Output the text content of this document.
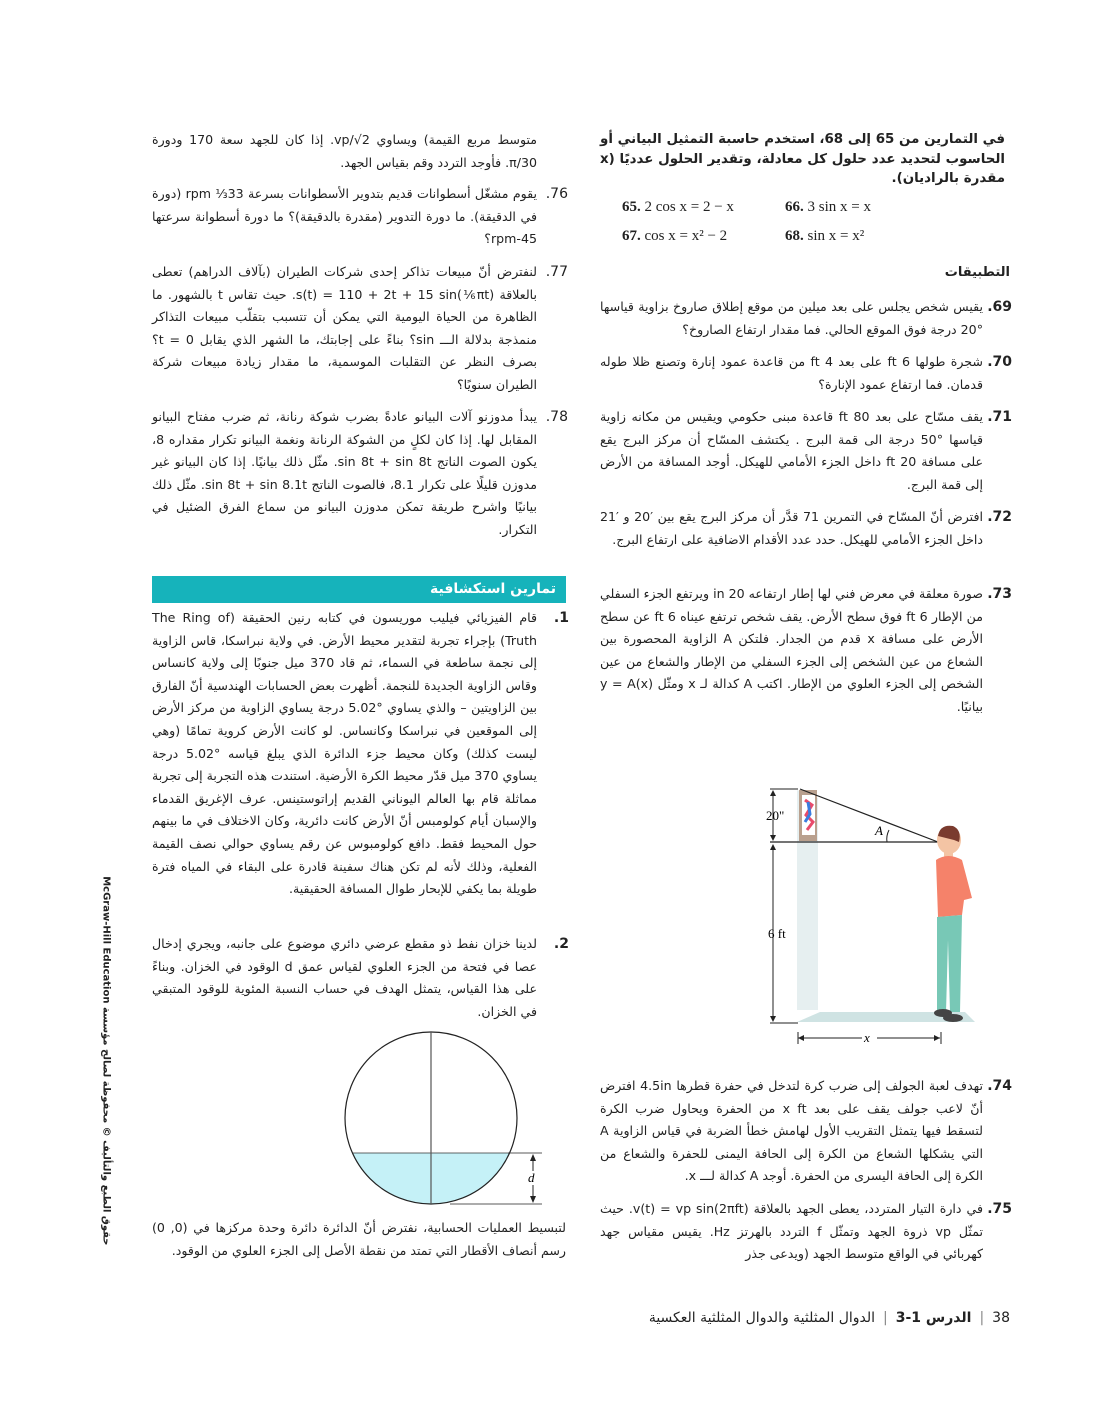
في التمارين من 65 إلى 68، استخدم حاسبة التمثيل البياني أو الحاسوب لتحديد عدد حلول كل معادلة، وتقدير الحلول عدديًا (x مقدرة بالراديان).
65. 2 cos x = 2 − x	66. 3 sin x = x
67. cos x = x² − 2	68. sin x = x²
التطبيقات
69.
يقيس شخص يجلس على بعد ميلين من موقع إطلاق صاروخ بزاوية قياسها °20 درجة فوق الموقع الحالي. فما مقدار ارتفاع الصاروخ؟
70.
شجرة طولها 6 ft على بعد 4 ft من قاعدة عمود إنارة وتصنع ظلا طوله قدمان. فما ارتفاع عمود الإنارة؟
71.
يقف مسّاح على بعد 80 ft قاعدة مبنى حكومي ويقيس من مكانه زاوية قياسها °50 درجة الى قمة البرج . يكتشف المسّاح أن مركز البرج يقع على مسافة 20 ft داخل الجزء الأمامي للهيكل. أوجد المسافة من الأرض إلى قمة البرج.
72.
افترض أنّ المسّاح في التمرين 71 قدَّر أن مركز البرج يقع بين ′20 و ′21 داخل الجزء الأمامي للهيكل. حدد عدد الأقدام الاضافية على ارتفاع البرج.
73.
صورة معلقة في معرض فني لها إطار ارتفاعه 20 in ويرتفع الجزء السفلي من الإطار 6 ft فوق سطح الأرض. يقف شخص ترتفع عيناه 6 ft عن سطح الأرض على مسافة x قدم من الجدار. فلتكن A الزاوية المحصورة بين الشعاع من عين الشخص إلى الجزء السفلي من الإطار والشعاع من عين الشخص إلى الجزء العلوي من الإطار. اكتب A كدالة لـ x ومثّل y = A(x) بيانيًا.
20"
6 ft
A
x
74.
تهدف لعبة الجولف إلى ضرب كرة لتدخل في حفرة قطرها 4.5in افترض أنّ لاعب جولف يقف على بعد x ft من الحفرة ويحاول ضرب الكرة لتسقط فيها يتمثل التقريب الأول لهامش خطأ الضربة في قياس الزاوية A التي يشكلها الشعاع من الكرة إلى الحافة اليمنى للحفرة والشعاع من الكرة إلى الحافة اليسرى من الحفرة. أوجد A كدالة لـــ x.
75.
في دارة التيار المتردد، يعطى الجهد بالعلاقة v(t) = vp sin(2πft). حيث تمثّل vp ذروة الجهد وتمثّل f التردد بالهرتز Hz. يقيس مقياس جهد كهربائي في الواقع متوسط الجهد (ويدعى جذر
متوسط مربع القيمة) ويساوي vp/√2. إذا كان للجهد سعة 170 ودورة π/30. فأوجد التردد وقم بقياس الجهد.
76.
يقوم مشغّل أسطوانات قديم بتدوير الأسطوانات بسرعة 33⅓ rpm (دورة في الدقيقة). ما دورة التدوير (مقدرة بالدقيقة)؟ ما دورة أسطوانة سرعتها 45-rpm؟
77.
لنفترض أنّ مبيعات تذاكر إحدى شركات الطيران (بآلاف الدراهم) تعطى بالعلاقة s(t) = 110 + 2t + 15 sin(⅙πt). حيث تقاس t بالشهور. ما الظاهرة من الحياة اليومية التي يمكن أن تتسبب بتقلّب مبيعات التذاكر منمذجة بدلالة الـــ sin؟ بناءً على إجابتك، ما الشهر الذي يقابل t = 0؟ بصرف النظر عن التقلبات الموسمية، ما مقدار زيادة مبيعات شركة الطيران سنويًا؟
78.
يبدأ مدوزنو آلات البيانو عادةً بضرب شوكة رنانة، ثم ضرب مفتاح البيانو المقابل لها. إذا كان لكلٍ من الشوكة الرنانة ونغمة البيانو تكرار مقداره 8، يكون الصوت الناتج sin 8t + sin 8t. مثّل ذلك بيانيًا. إذا كان البيانو غير مدوزن قليلًا على تكرار 8.1، فالصوت الناتج sin 8t + sin 8.1t. مثّل ذلك بيانيًا واشرح طريقة تمكن مدوزن البيانو من سماع الفرق الضئيل في التكرار.
تمارين استكشافية
1.
قام الفيزيائي فيليب موريسون في كتابه رنين الحقيقة (The Ring of Truth) بإجراء تجربة لتقدير محيط الأرض. في ولاية نبراسكا، قاس الزاوية إلى نجمة ساطعة في السماء، ثم قاد 370 ميل جنوبًا إلى ولاية كانساس وقاس الزاوية الجديدة للنجمة. أظهرت بعض الحسابات الهندسية أنّ الفارق بين الزاويتين – والذي يساوي °5.02 درجة يساوي الزاوية من مركز الأرض إلى الموقعين في نبراسكا وكانساس. لو كانت الأرض كروية تمامًا (وهي ليست كذلك) وكان محيط جزء الدائرة الذي يبلغ قياسه °5.02 درجة يساوي 370 ميل قدّر محيط الكرة الأرضية. استندت هذه التجربة إلى تجربة مماثلة قام بها العالم اليوناني القديم إراتوستينس. عرف الإغريق القدماء والإسبان أيام كولومبس أنّ الأرض كانت دائرية، وكان الاختلاف في ما بينهم حول المحيط فقط. دافع كولومبوس عن رقم يساوي حوالي نصف القيمة الفعلية، وذلك لأنه لم تكن هناك سفينة قادرة على البقاء في المياه فترة طويلة بما يكفي للإبحار طوال المسافة الحقيقية.
2.
لدينا خزان نفط ذو مقطع عرضي دائري موضوع على جانبه، ويجري إدخال عصا في فتحة من الجزء العلوي لقياس عمق d الوقود في الخزان. وبناءً على هذا القياس، يتمثل الهدف في حساب النسبة المئوية للوقود المتبقي في الخزان.
d
لتبسيط العمليات الحسابية، نفترض أنّ الدائرة دائرة وحدة مركزها في (0, 0) رسم أنصاف الأقطار التي تمتد من نقطة الأصل إلى الجزء العلوي من الوقود.
حقوق الطبع والتأليف © محفوظة لصالح مؤسسة McGraw-Hill Education
38|الدرس 1-3|الدوال المثلثية والدوال المثلثية العكسية
